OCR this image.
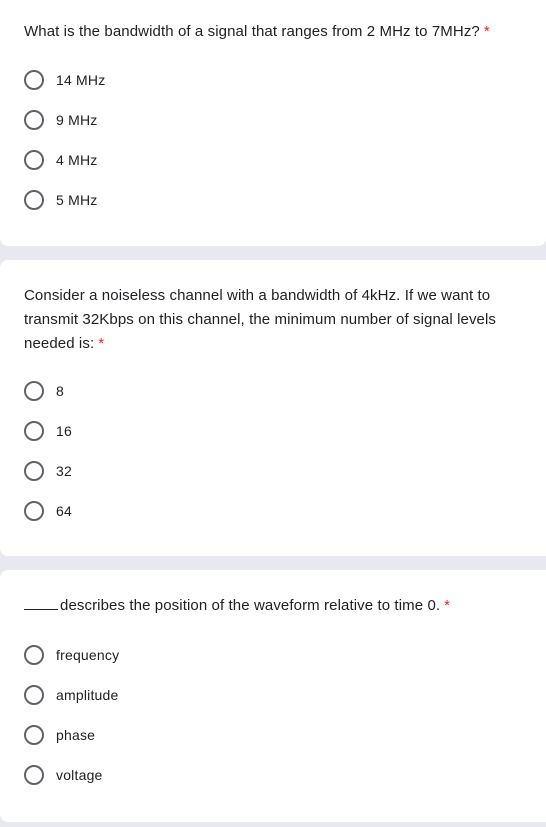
What is the bandwidth of a signal that ranges from 2 MHz to 7MHz? *
14 MHz
9 MHz
4 MHz
5 MHz
Consider a noiseless channel with a bandwidth of 4kHz. If we want to transmit 32Kbps on this channel, the minimum number of signal levels needed is: *
8
16
32
64
describes the position of the waveform relative to time 0. *
frequency
amplitude
phase
voltage
